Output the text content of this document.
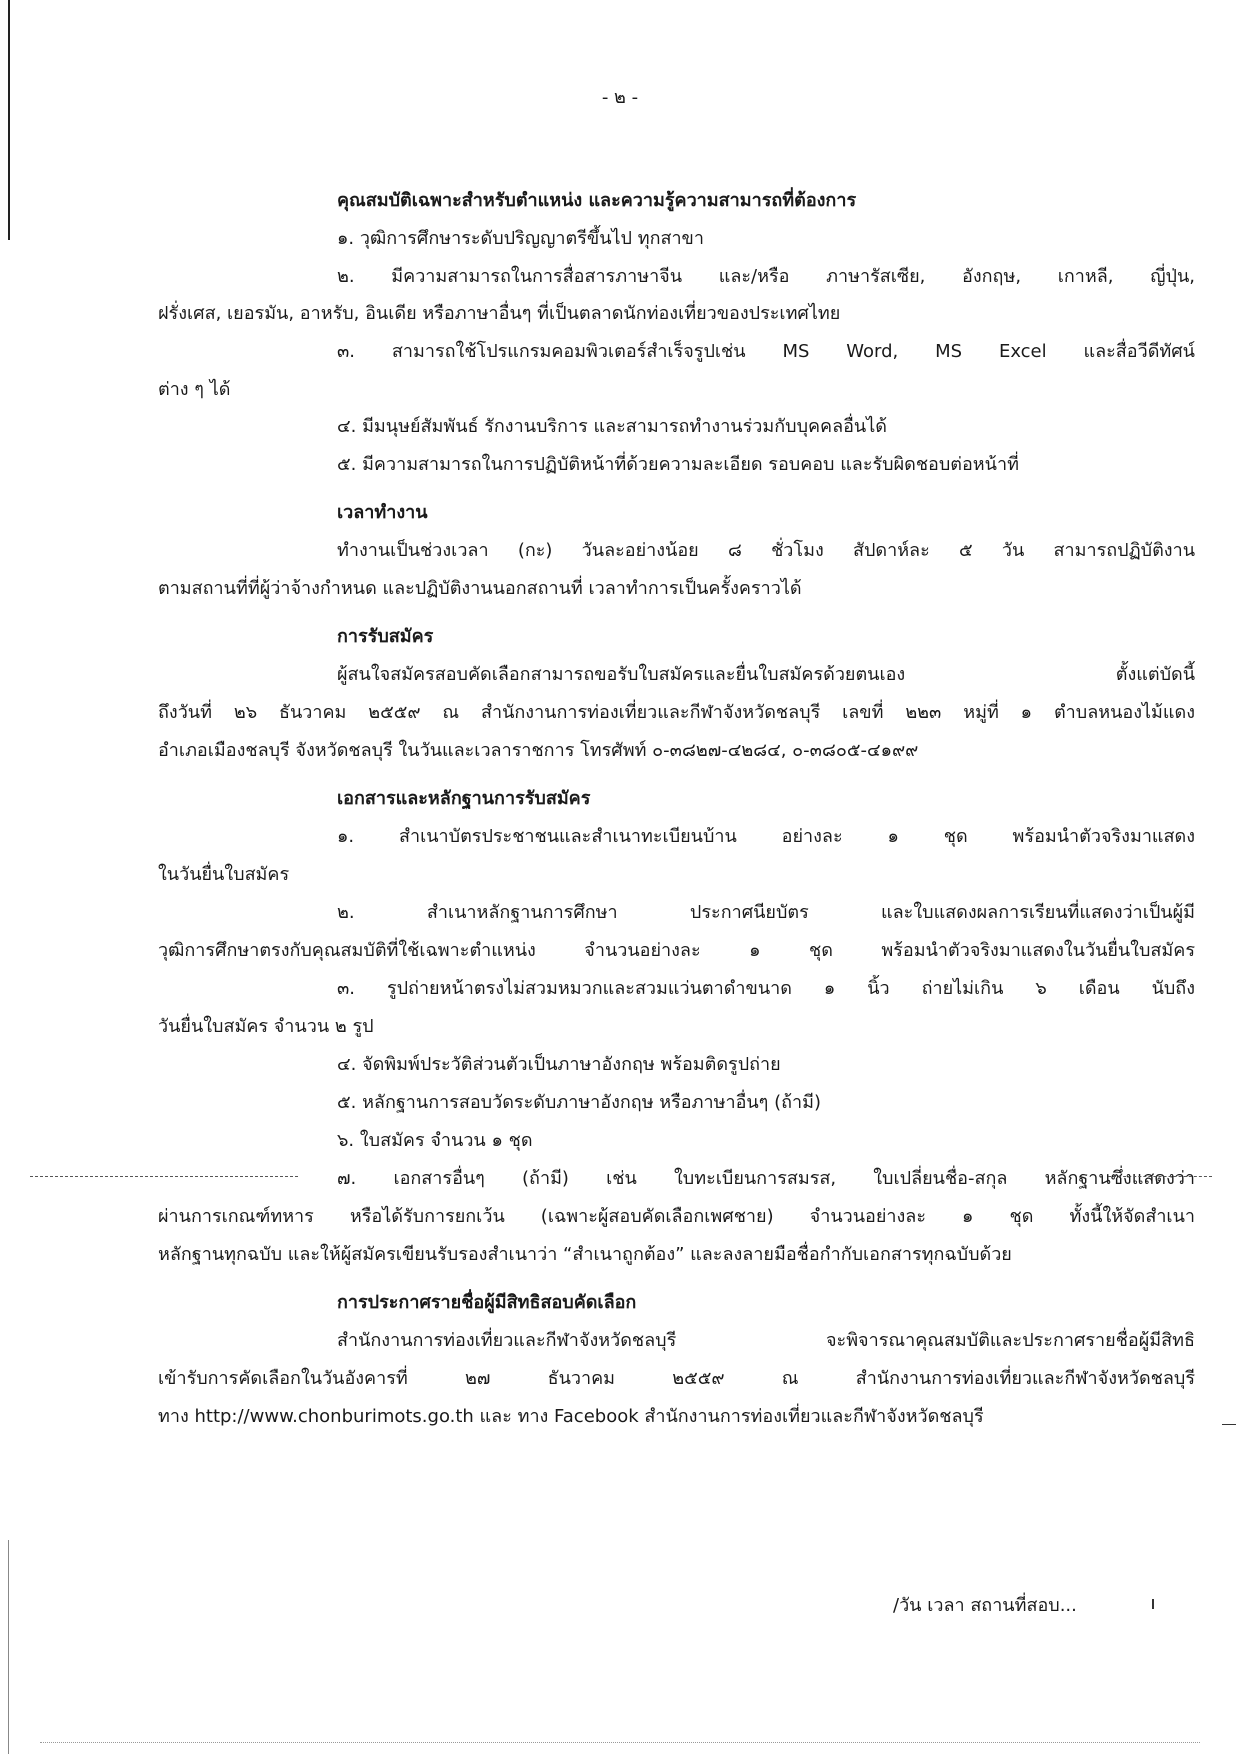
- ๒ -
คุณสมบัติเฉพาะสำหรับตำแหน่ง และความรู้ความสามารถที่ต้องการ
๑. วุฒิการศึกษาระดับปริญญาตรีขึ้นไป ทุกสาขา
๒. มีความสามารถในการสื่อสารภาษาจีน และ/หรือ ภาษารัสเซีย, อังกฤษ, เกาหลี, ญี่ปุ่น,
ฝรั่งเศส, เยอรมัน, อาหรับ, อินเดีย หรือภาษาอื่นๆ ที่เป็นตลาดนักท่องเที่ยวของประเทศไทย
๓. สามารถใช้โปรแกรมคอมพิวเตอร์สำเร็จรูปเช่น MS Word, MS Excel และสื่อวีดีทัศน์
ต่าง ๆ ได้
๔. มีมนุษย์สัมพันธ์ รักงานบริการ และสามารถทำงานร่วมกับบุคคลอื่นได้
๕. มีความสามารถในการปฏิบัติหน้าที่ด้วยความละเอียด รอบคอบ และรับผิดชอบต่อหน้าที่
เวลาทำงาน
ทำงานเป็นช่วงเวลา (กะ) วันละอย่างน้อย ๘ ชั่วโมง สัปดาห์ละ ๕ วัน สามารถปฏิบัติงาน
ตามสถานที่ที่ผู้ว่าจ้างกำหนด และปฏิบัติงานนอกสถานที่ เวลาทำการเป็นครั้งคราวได้
การรับสมัคร
ผู้สนใจสมัครสอบคัดเลือกสามารถขอรับใบสมัครและยื่นใบสมัครด้วยตนเอง ตั้งแต่บัดนี้
ถึงวันที่ ๒๖ ธันวาคม ๒๕๕๙ ณ สำนักงานการท่องเที่ยวและกีฬาจังหวัดชลบุรี เลขที่ ๒๒๓ หมู่ที่ ๑ ตำบลหนองไม้แดง
อำเภอเมืองชลบุรี จังหวัดชลบุรี ในวันและเวลาราชการ โทรศัพท์ ๐-๓๘๒๗-๔๒๘๔, ๐-๓๘๐๕-๔๑๙๙
เอกสารและหลักฐานการรับสมัคร
๑. สำเนาบัตรประชาชนและสำเนาทะเบียนบ้าน อย่างละ ๑ ชุด พร้อมนำตัวจริงมาแสดง
ในวันยื่นใบสมัคร
๒. สำเนาหลักฐานการศึกษา ประกาศนียบัตร และใบแสดงผลการเรียนที่แสดงว่าเป็นผู้มี
วุฒิการศึกษาตรงกับคุณสมบัติที่ใช้เฉพาะตำแหน่ง จำนวนอย่างละ ๑ ชุด พร้อมนำตัวจริงมาแสดงในวันยื่นใบสมัคร
๓. รูปถ่ายหน้าตรงไม่สวมหมวกและสวมแว่นตาดำขนาด ๑ นิ้ว ถ่ายไม่เกิน ๖ เดือน นับถึง
วันยื่นใบสมัคร จำนวน ๒ รูป
๔. จัดพิมพ์ประวัติส่วนตัวเป็นภาษาอังกฤษ พร้อมติดรูปถ่าย
๕. หลักฐานการสอบวัดระดับภาษาอังกฤษ หรือภาษาอื่นๆ (ถ้ามี)
๖. ใบสมัคร จำนวน ๑ ชุด
๗. เอกสารอื่นๆ (ถ้ามี) เช่น ใบทะเบียนการสมรส, ใบเปลี่ยนชื่อ-สกุล หลักฐานซึ่งแสดงว่า
ผ่านการเกณฑ์ทหาร หรือได้รับการยกเว้น (เฉพาะผู้สอบคัดเลือกเพศชาย) จำนวนอย่างละ ๑ ชุด ทั้งนี้ให้จัดสำเนา
หลักฐานทุกฉบับ และให้ผู้สมัครเขียนรับรองสำเนาว่า “สำเนาถูกต้อง” และลงลายมือชื่อกำกับเอกสารทุกฉบับด้วย
การประกาศรายชื่อผู้มีสิทธิสอบคัดเลือก
สำนักงานการท่องเที่ยวและกีฬาจังหวัดชลบุรี จะพิจารณาคุณสมบัติและประกาศรายชื่อผู้มีสิทธิ
เข้ารับการคัดเลือกในวันอังคารที่ ๒๗ ธันวาคม ๒๕๕๙ ณ สำนักงานการท่องเที่ยวและกีฬาจังหวัดชลบุรี
ทาง http://www.chonburimots.go.th และ ทาง Facebook สำนักงานการท่องเที่ยวและกีฬาจังหวัดชลบุรี
/วัน เวลา สถานที่สอบ...
